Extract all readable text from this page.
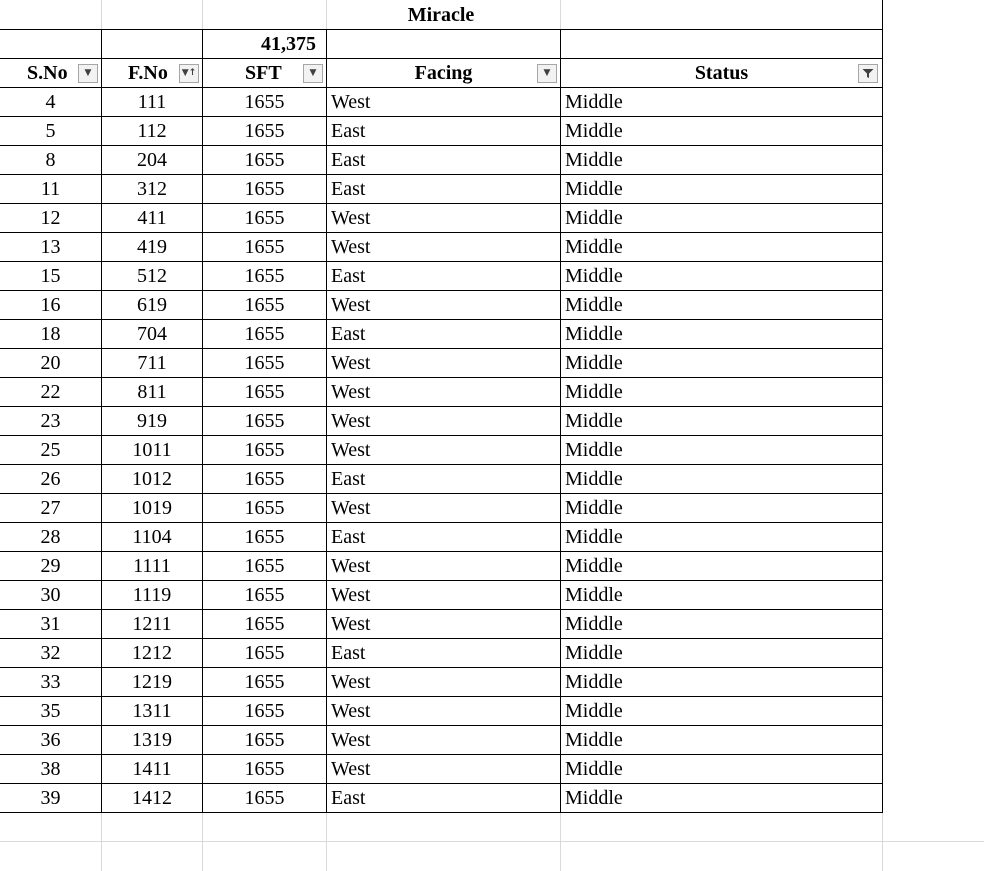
Miracle
41,375
S.No	▼	F.No	▼↑	SFT	▼	Facing	▼	Status
4	111	1655	West	Middle
5	112	1655	East	Middle
8	204	1655	East	Middle
11	312	1655	East	Middle
12	411	1655	West	Middle
13	419	1655	West	Middle
15	512	1655	East	Middle
16	619	1655	West	Middle
18	704	1655	East	Middle
20	711	1655	West	Middle
22	811	1655	West	Middle
23	919	1655	West	Middle
25	1011	1655	West	Middle
26	1012	1655	East	Middle
27	1019	1655	West	Middle
28	1104	1655	East	Middle
29	1111	1655	West	Middle
30	1119	1655	West	Middle
31	1211	1655	West	Middle
32	1212	1655	East	Middle
33	1219	1655	West	Middle
35	1311	1655	West	Middle
36	1319	1655	West	Middle
38	1411	1655	West	Middle
39	1412	1655	East	Middle
